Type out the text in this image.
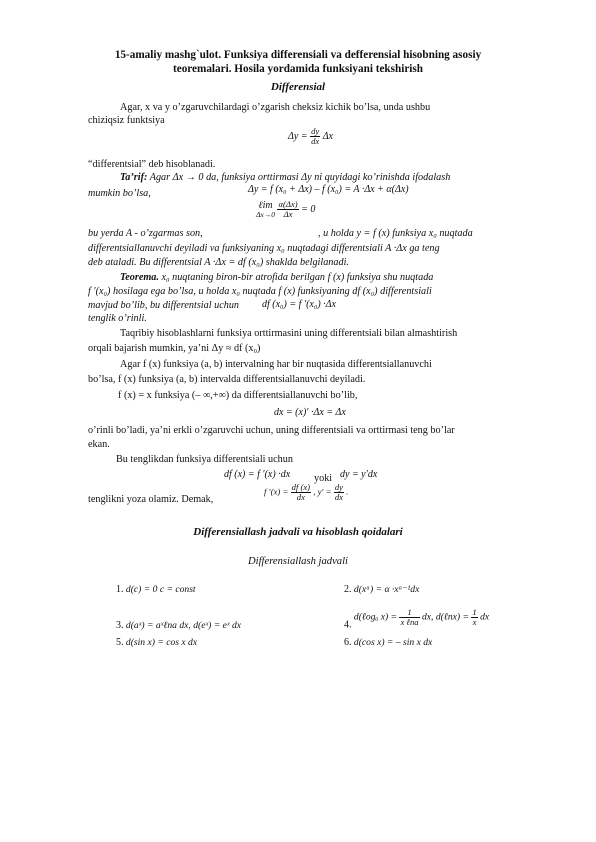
15-amaliy mashg`ulot. Funksiya differensiali va defferensial hisobning asosiy
teoremalari. Hosila yordamida funksiyani tekshirish
Differensial
Agar, x va y o’zgaruvchilardagi o’zgarish cheksiz kichik bo’lsa, unda ushbu
chiziqsiz funktsiya
$\Delta y = \frac{dy}{dx}$ Δx
“differentsial” deb hisoblanadi.
Ta’rif: Agar Δx → 0 da, funksiya orttirmasi Δy ni quyidagi ko’rinishda ifodalash
mumkin bo’lsa,	Δy = f (x₀ + Δx) – f (x₀) = A ·Δx + α(Δx)
ℓim
Δx→0
$\frac{\alpha(\Delta x)}{\Delta x} = 0$
bu yerda A - o’zgarmas son,	, u holda y = f (x) funksiya x₀ nuqtada
differentsiallanuvchi deyiladi va funksiyaning x₀ nuqtadagi differentsiali A ·Δx ga teng
deb ataladi. Bu differentsial A ·Δx = df (x₀) shaklda belgilanadi.
Teorema. x₀ nuqtaning biron-bir atrofida berilgan f (x) funksiya shu nuqtada
f ′(x₀) hosilaga ega bo’lsa, u holda x₀ nuqtada f (x) funksiyaning df (x₀) differentsiali
mavjud bo’lib, bu differentsial uchun df (x₀) = f ′(x₀) ·Δx
tenglik o’rinli.
Taqribiy hisoblashlarni funksiya orttirmasini uning differentsiali bilan almashtirish
orqali bajarish mumkin, ya’ni Δy ≈ df (x₀)
Agar f (x) funksiya (a, b) intervalning har bir nuqtasida differentsiallanuvchi
bo’lsa, f (x) funksiya (a, b) intervalda differentsiallanuvchi deyiladi.
f (x) = x funksiya (– ∞,+∞) da differentsiallanuvchi bo’lib,
dx = (x)′ ·Δx = Δx
o’rinli bo’ladi, ya’ni erkli o’zgaruvchi uchun, uning differentsiali va orttirmasi teng bo’lar
ekan.
Bu tenglikdan funksiya differentsiali uchun
df (x) = f ′(x) ·dx yoki dy = y′dx
tenglikni yoza olamiz. Demak,
f $'(x) = \frac{df (x)}{dx}$ , $y' = \frac{dy}{dx}$ .
Differensiallash jadvali va hisoblash qoidalari
Differensiallash jadvali
1. d(c) = 0 c = const	2. d(xᵅ) = α ·xᵅ⁻¹dx
3. d(aˣ) = aˣℓna dx, d(eˣ) = eˣ dx	4. d(ℓogₐ $x) = \frac{1}{\text{x ℓna}}$ dx, d(ℓnx) = $\frac{1}{x}$ dx
5. d(sin x) = cos x dx	6. d(cos x) = – sin x dx
